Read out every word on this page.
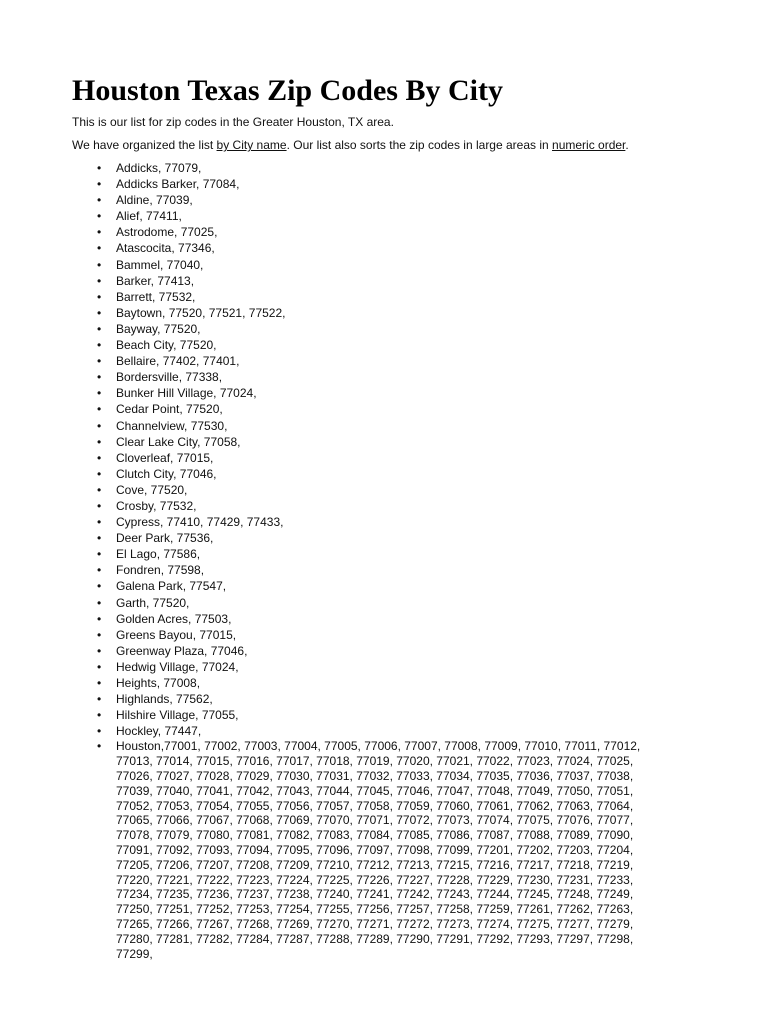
Houston Texas Zip Codes By City

This is our list for zip codes in the Greater Houston, TX area.

We have organized the list by City name. Our list also sorts the zip codes in large areas in numeric order.

• Addicks, 77079,
• Addicks Barker, 77084,
• Aldine, 77039,
• Alief, 77411,
• Astrodome, 77025,
• Atascocita, 77346,
• Bammel, 77040,
• Barker, 77413,
• Barrett, 77532,
• Baytown, 77520, 77521, 77522,
• Bayway, 77520,
• Beach City, 77520,
• Bellaire, 77402, 77401,
• Bordersville, 77338,
• Bunker Hill Village, 77024,
• Cedar Point, 77520,
• Channelview, 77530,
• Clear Lake City, 77058,
• Cloverleaf, 77015,
• Clutch City, 77046,
• Cove, 77520,
• Crosby, 77532,
• Cypress, 77410, 77429, 77433,
• Deer Park, 77536,
• El Lago, 77586,
• Fondren, 77598,
• Galena Park, 77547,
• Garth, 77520,
• Golden Acres, 77503,
• Greens Bayou, 77015,
• Greenway Plaza, 77046,
• Hedwig Village, 77024,
• Heights, 77008,
• Highlands, 77562,
• Hilshire Village, 77055,
• Hockley, 77447,
• Houston,77001, 77002, 77003, 77004, 77005, 77006, 77007, 77008, 77009, 77010, 77011, 77012,
77013, 77014, 77015, 77016, 77017, 77018, 77019, 77020, 77021, 77022, 77023, 77024, 77025,
77026, 77027, 77028, 77029, 77030, 77031, 77032, 77033, 77034, 77035, 77036, 77037, 77038,
77039, 77040, 77041, 77042, 77043, 77044, 77045, 77046, 77047, 77048, 77049, 77050, 77051,
77052, 77053, 77054, 77055, 77056, 77057, 77058, 77059, 77060, 77061, 77062, 77063, 77064,
77065, 77066, 77067, 77068, 77069, 77070, 77071, 77072, 77073, 77074, 77075, 77076, 77077,
77078, 77079, 77080, 77081, 77082, 77083, 77084, 77085, 77086, 77087, 77088, 77089, 77090,
77091, 77092, 77093, 77094, 77095, 77096, 77097, 77098, 77099, 77201, 77202, 77203, 77204,
77205, 77206, 77207, 77208, 77209, 77210, 77212, 77213, 77215, 77216, 77217, 77218, 77219,
77220, 77221, 77222, 77223, 77224, 77225, 77226, 77227, 77228, 77229, 77230, 77231, 77233,
77234, 77235, 77236, 77237, 77238, 77240, 77241, 77242, 77243, 77244, 77245, 77248, 77249,
77250, 77251, 77252, 77253, 77254, 77255, 77256, 77257, 77258, 77259, 77261, 77262, 77263,
77265, 77266, 77267, 77268, 77269, 77270, 77271, 77272, 77273, 77274, 77275, 77277, 77279,
77280, 77281, 77282, 77284, 77287, 77288, 77289, 77290, 77291, 77292, 77293, 77297, 77298,
77299,
